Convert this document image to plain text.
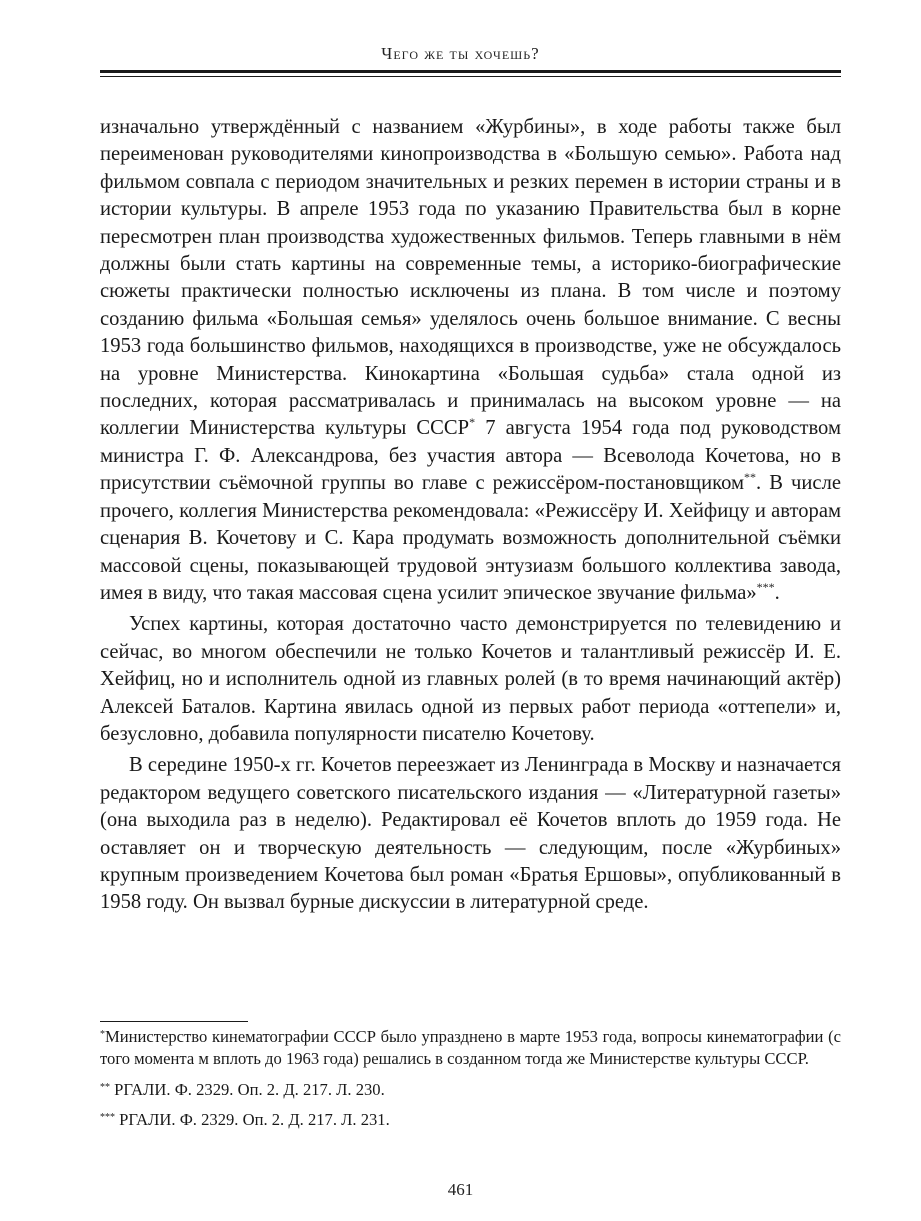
Чего же ты хочешь?

изначально утверждённый с названием «Журбины», в ходе работы также был переименован руководителями кинопроизводства в «Большую семью». Работа над фильмом совпала с периодом значительных и резких перемен в истории страны и в истории культуры. В апреле 1953 года по указанию Правительства был в корне пересмотрен план производства художественных фильмов. Теперь главными в нём должны были стать картины на современные темы, а историко-биографические сюжеты практически полностью исключены из плана. В том числе и поэтому созданию фильма «Большая семья» уделялось очень большое внимание. С весны 1953 года большинство фильмов, находящихся в производстве, уже не обсуждалось на уровне Министерства. Кинокартина «Большая судьба» стала одной из последних, которая рассматривалась и принималась на высоком уровне — на коллегии Министерства культуры СССР* 7 августа 1954 года под руководством министра Г. Ф. Александрова, без участия автора — Всеволода Кочетова, но в присутствии съёмочной группы во главе с режиссёром-постановщиком**. В числе прочего, коллегия Министерства рекомендовала: «Режиссёру И. Хейфицу и авторам сценария В. Кочетову и С. Кара продумать возможность дополнительной съёмки массовой сцены, показывающей трудовой энтузиазм большого коллектива завода, имея в виду, что такая массовая сцена усилит эпическое звучание фильма»***.

Успех картины, которая достаточно часто демонстрируется по телевидению и сейчас, во многом обеспечили не только Кочетов и талантливый режиссёр И. Е. Хейфиц, но и исполнитель одной из главных ролей (в то время начинающий актёр) Алексей Баталов. Картина явилась одной из первых работ периода «оттепели» и, безусловно, добавила популярности писателю Кочетову.

В середине 1950-х гг. Кочетов переезжает из Ленинграда в Москву и назначается редактором ведущего советского писательского издания — «Литературной газеты» (она выходила раз в неделю). Редактировал её Кочетов вплоть до 1959 года. Не оставляет он и творческую деятельность — следующим, после «Журбиных» крупным произведением Кочетова был роман «Братья Ершовы», опубликованный в 1958 году. Он вызвал бурные дискуссии в литературной среде.

*Министерство кинематографии СССР было упразднено в марте 1953 года, вопросы кинематографии (с того момента м вплоть до 1963 года) решались в созданном тогда же Министерстве культуры СССР.

** РГАЛИ. Ф. 2329. Оп. 2. Д. 217. Л. 230.

*** РГАЛИ. Ф. 2329. Оп. 2. Д. 217. Л. 231.

461
